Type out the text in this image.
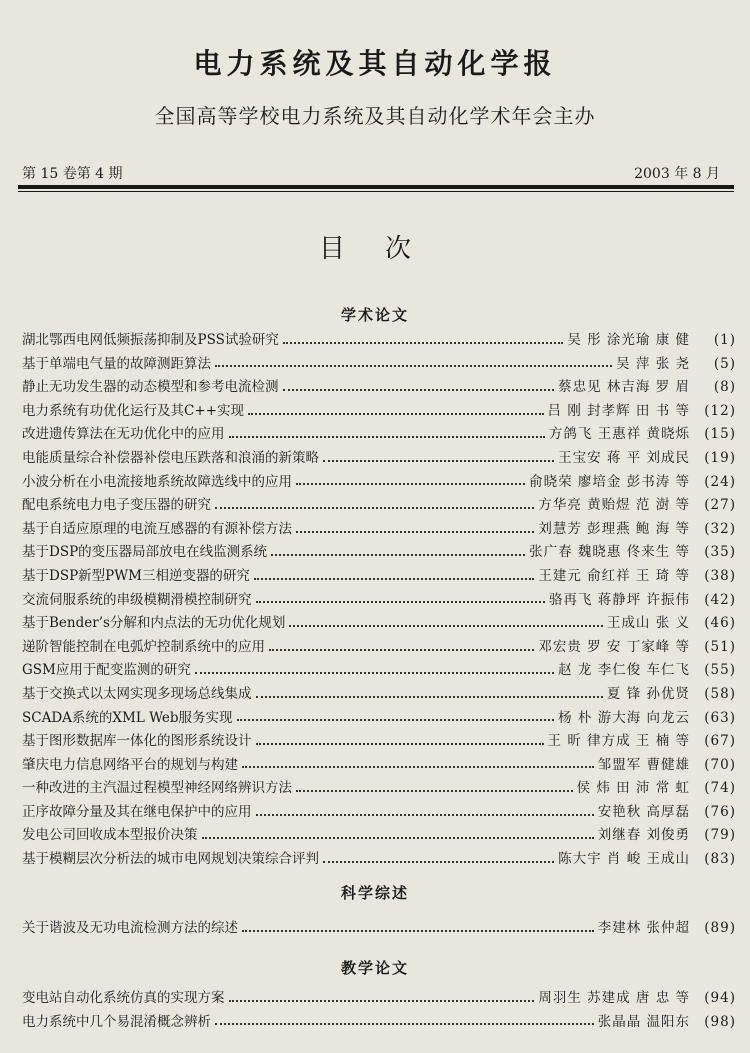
电力系统及其自动化学报
全国高等学校电力系统及其自动化学术年会主办
第 15 卷第 4 期	2003 年 8 月
目次
学术论文
湖北鄂西电网低频振荡抑制及PSS试验研究	吴 彤 涂光瑜 康 健	( 1 )
基于单端电气量的故障测距算法	吴 萍 张 尧	( 5 )
静止无功发生器的动态模型和参考电流检测	蔡忠见 林吉海 罗 眉	( 8 )
电力系统有功优化运行及其C++实现	吕 刚 封孝辉 田 书 等	( 12 )
改进遗传算法在无功优化中的应用	方鸽飞 王惠祥 黄晓烁	( 15 )
电能质量综合补偿器补偿电压跌落和浪涌的新策略	王宝安 蒋 平 刘成民	( 19 )
小波分析在小电流接地系统故障选线中的应用	俞晓荣 廖培金 彭书涛 等	( 24 )
配电系统电力电子变压器的研究	方华亮 黄贻煜 范 澍 等	( 27 )
基于自适应原理的电流互感器的有源补偿方法	刘慧芳 彭理燕 鲍 海 等	( 32 )
基于DSP的变压器局部放电在线监测系统	张广春 魏晓惠 佟来生 等	( 35 )
基于DSP新型PWM三相逆变器的研究	王建元 俞红祥 王 琦 等	( 38 )
交流伺服系统的串级模糊滑模控制研究	骆再飞 蒋静坪 许振伟	( 42 )
基于Bender’s分解和内点法的无功优化规划	王成山 张 义	( 46 )
递阶智能控制在电弧炉控制系统中的应用	邓宏贵 罗 安 丁家峰 等	( 51 )
GSM应用于配变监测的研究	赵 龙 李仁俊 车仁飞	( 55 )
基于交换式以太网实现多现场总线集成	夏 锋 孙优贤	( 58 )
SCADA系统的XML Web服务实现	杨 朴 游大海 向龙云	( 63 )
基于图形数据库一体化的图形系统设计	王 昕 律方成 王 楠 等	( 67 )
肇庆电力信息网络平台的规划与构建	邹盟军 曹健雄	( 70 )
一种改进的主汽温过程模型神经网络辨识方法	侯 炜 田 沛 常 虹	( 74 )
正序故障分量及其在继电保护中的应用	安艳秋 高厚磊	( 76 )
发电公司回收成本型报价决策	刘继春 刘俊勇	( 79 )
基于模糊层次分析法的城市电网规划决策综合评判	陈大宇 肖 峻 王成山	( 83 )
科学综述
关于谐波及无功电流检测方法的综述	李建林 张仲超	( 89 )
教学论文
变电站自动化系统仿真的实现方案	周羽生 苏建成 唐 忠 等	( 94 )
电力系统中几个易混淆概念辨析	张晶晶 温阳东	( 98 )
